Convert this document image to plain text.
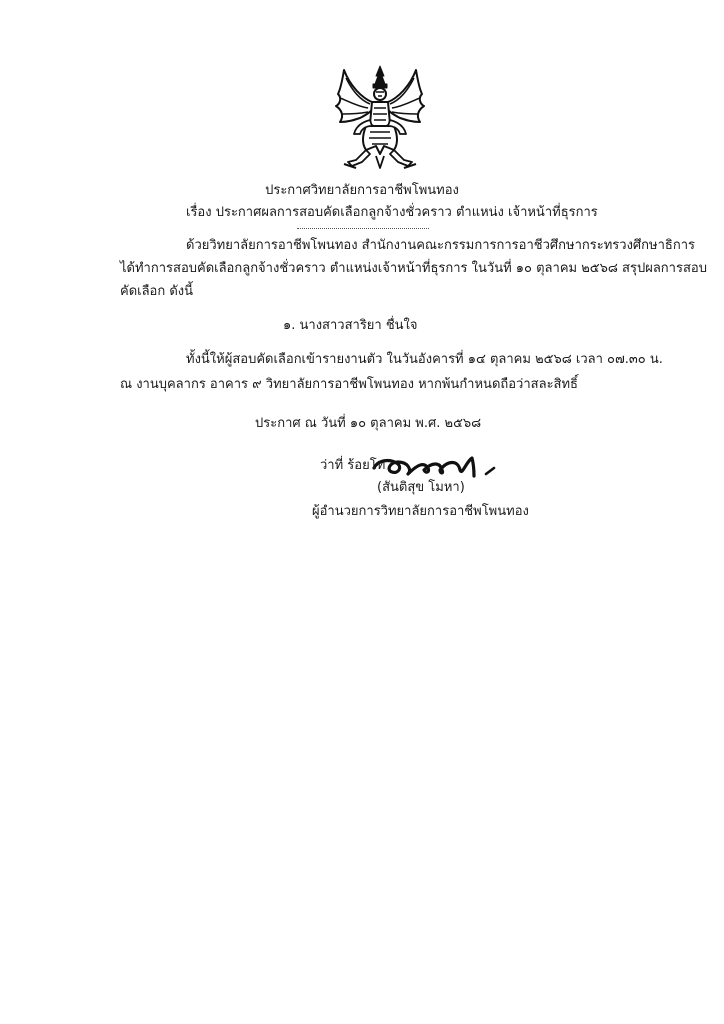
ประกาศวิทยาลัยการอาชีพโพนทอง
เรื่อง ประกาศผลการสอบคัดเลือกลูกจ้างชั่วคราว ตำแหน่ง เจ้าหน้าที่ธุรการ
ด้วยวิทยาลัยการอาชีพโพนทอง สำนักงานคณะกรรมการการอาชีวศึกษากระทรวงศึกษาธิการ
ได้ทำการสอบคัดเลือกลูกจ้างชั่วคราว ตำแหน่งเจ้าหน้าที่ธุรการ ในวันที่ ๑๐ ตุลาคม ๒๕๖๘ สรุปผลการสอบ
คัดเลือก ดังนี้
๑. นางสาวสาริยา ชื่นใจ
ทั้งนี้ให้ผู้สอบคัดเลือกเข้ารายงานตัว ในวันอังคารที่ ๑๔ ตุลาคม ๒๕๖๘ เวลา ๐๗.๓๐ น.
ณ งานบุคลากร อาคาร ๙ วิทยาลัยการอาชีพโพนทอง หากพ้นกำหนดถือว่าสละสิทธิ์
ประกาศ ณ วันที่ ๑๐ ตุลาคม พ.ศ. ๒๕๖๘
ว่าที่ ร้อยโท
(สันติสุข โมหา)
ผู้อำนวยการวิทยาลัยการอาชีพโพนทอง
